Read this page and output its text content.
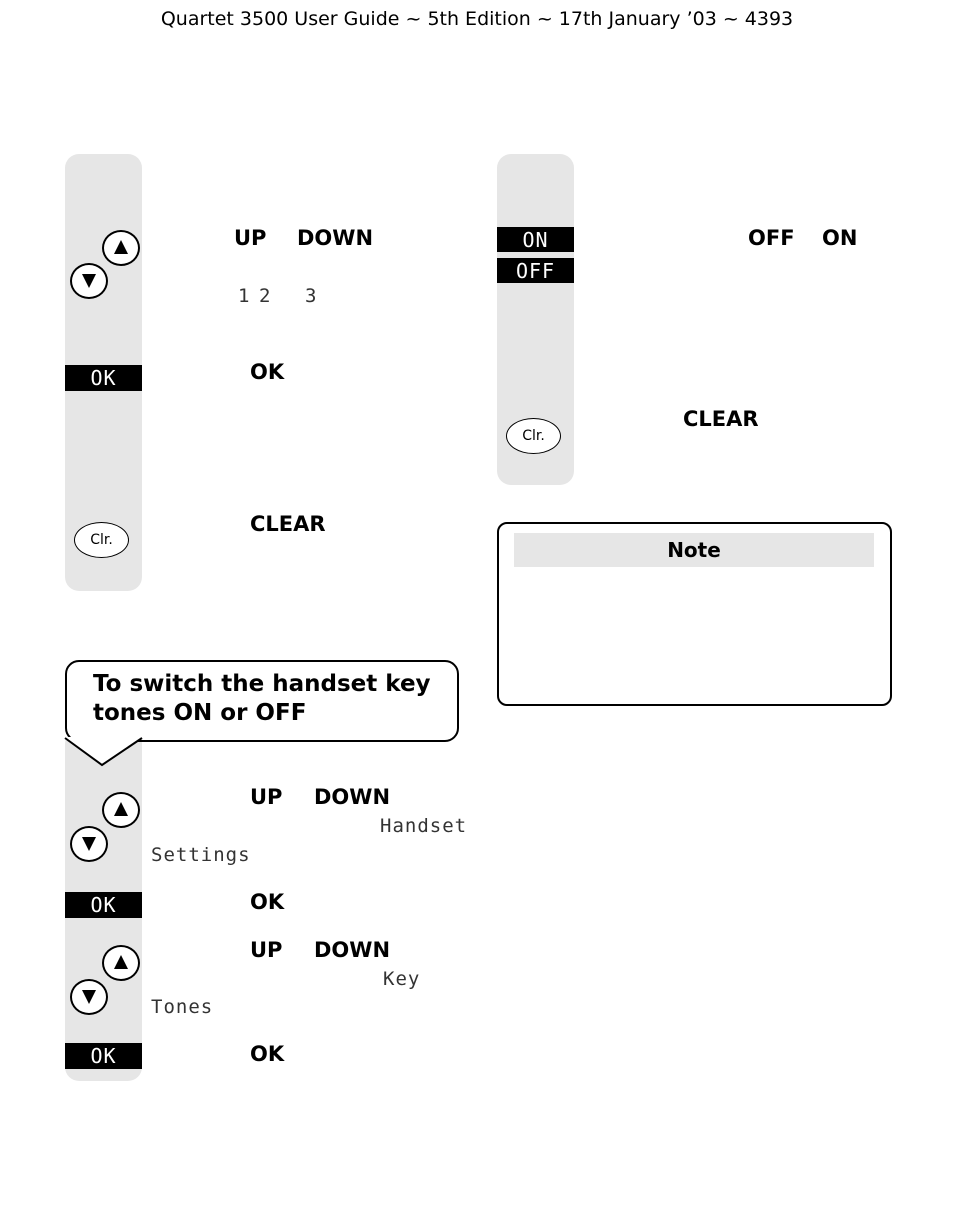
Quartet 3500 User Guide ~ 5th Edition ~ 17th January ’03 ~ 4393
UP DOWN
1 2 3
OK	OK
Clr.
CLEAR
ON
OFF
OFF ON
Clr.
CLEAR
Note
To switch the handset key tones ON or OFF
UP DOWN
Handset
Settings
OK	OK
UP DOWN
Key
Tones
OK	OK
